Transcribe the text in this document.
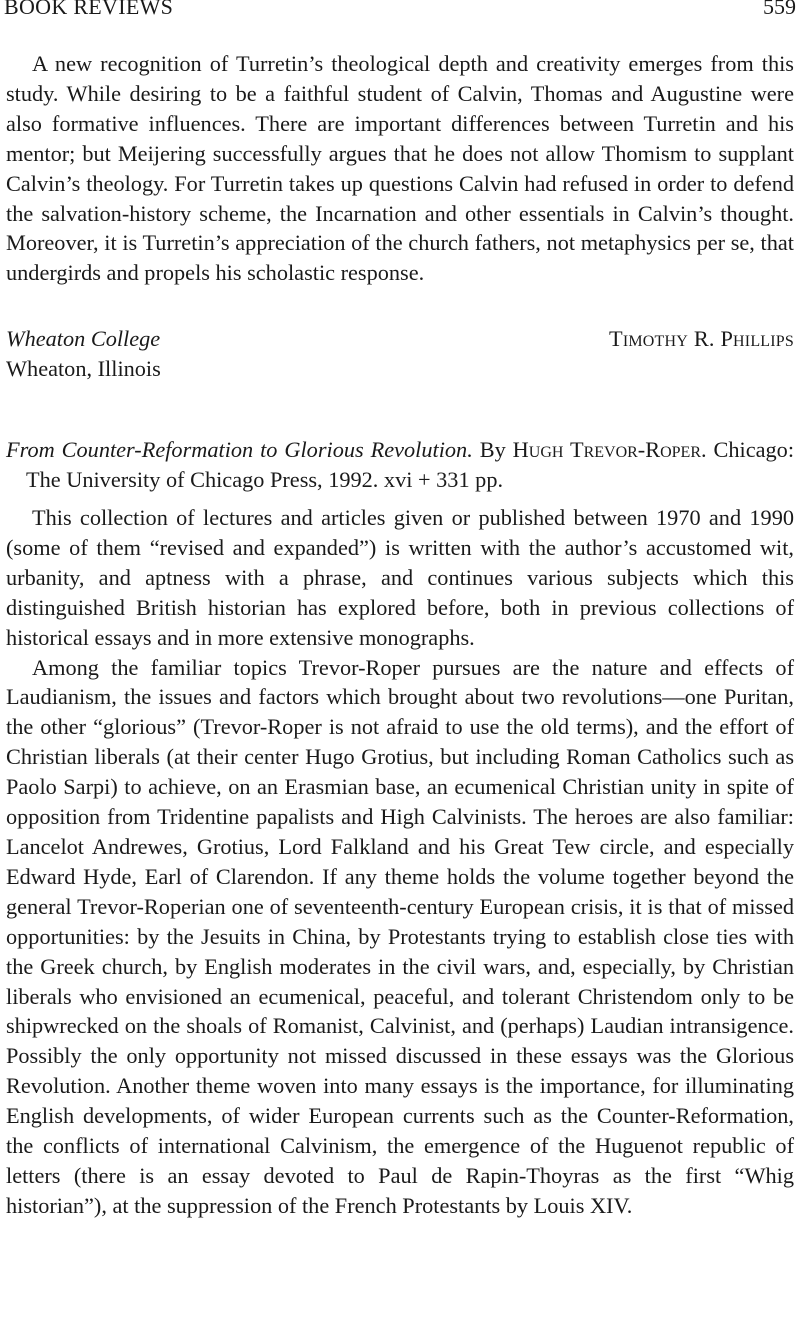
BOOK REVIEWS	559

A new recognition of Turretin’s theological depth and creativity emerges from this study. While desiring to be a faithful student of Calvin, Thomas and Augustine were also formative influences. There are important differences between Turretin and his mentor; but Meijering successfully argues that he does not allow Thomism to supplant Calvin’s theology. For Turretin takes up questions Calvin had refused in order to defend the salvation-history scheme, the Incarnation and other essentials in Calvin’s thought. Moreover, it is Turretin’s appreciation of the church fathers, not metaphysics per se, that undergirds and propels his scholastic response.

Wheaton College	Timothy R. Phillips
Wheaton, Illinois
From Counter-Reformation to Glorious Revolution. By Hugh Trevor-Roper. Chicago: The University of Chicago Press, 1992. xvi + 331 pp.

This collection of lectures and articles given or published between 1970 and 1990 (some of them “revised and expanded”) is written with the author’s accustomed wit, urbanity, and aptness with a phrase, and continues various subjects which this distinguished British historian has explored before, both in previous collections of historical essays and in more extensive monographs.

Among the familiar topics Trevor-Roper pursues are the nature and effects of Laudianism, the issues and factors which brought about two revolutions—one Puritan, the other “glorious” (Trevor-Roper is not afraid to use the old terms), and the effort of Christian liberals (at their center Hugo Grotius, but including Roman Catholics such as Paolo Sarpi) to achieve, on an Erasmian base, an ecumenical Christian unity in spite of opposition from Tridentine papalists and High Calvinists. The heroes are also familiar: Lancelot Andrewes, Grotius, Lord Falkland and his Great Tew circle, and especially Edward Hyde, Earl of Clarendon. If any theme holds the volume together beyond the general Trevor-Roperian one of seventeenth-century European crisis, it is that of missed opportunities: by the Jesuits in China, by Protestants trying to establish close ties with the Greek church, by English moderates in the civil wars, and, especially, by Christian liberals who envisioned an ecumenical, peaceful, and tolerant Christendom only to be shipwrecked on the shoals of Romanist, Calvinist, and (perhaps) Laudian intransigence. Possibly the only opportunity not missed discussed in these essays was the Glorious Revolution. Another theme woven into many essays is the importance, for illuminating English developments, of wider European currents such as the Counter-Reformation, the conflicts of international Calvinism, the emergence of the Huguenot republic of letters (there is an essay devoted to Paul de Rapin-Thoyras as the first “Whig historian”), at the suppression of the French Protestants by Louis XIV.
